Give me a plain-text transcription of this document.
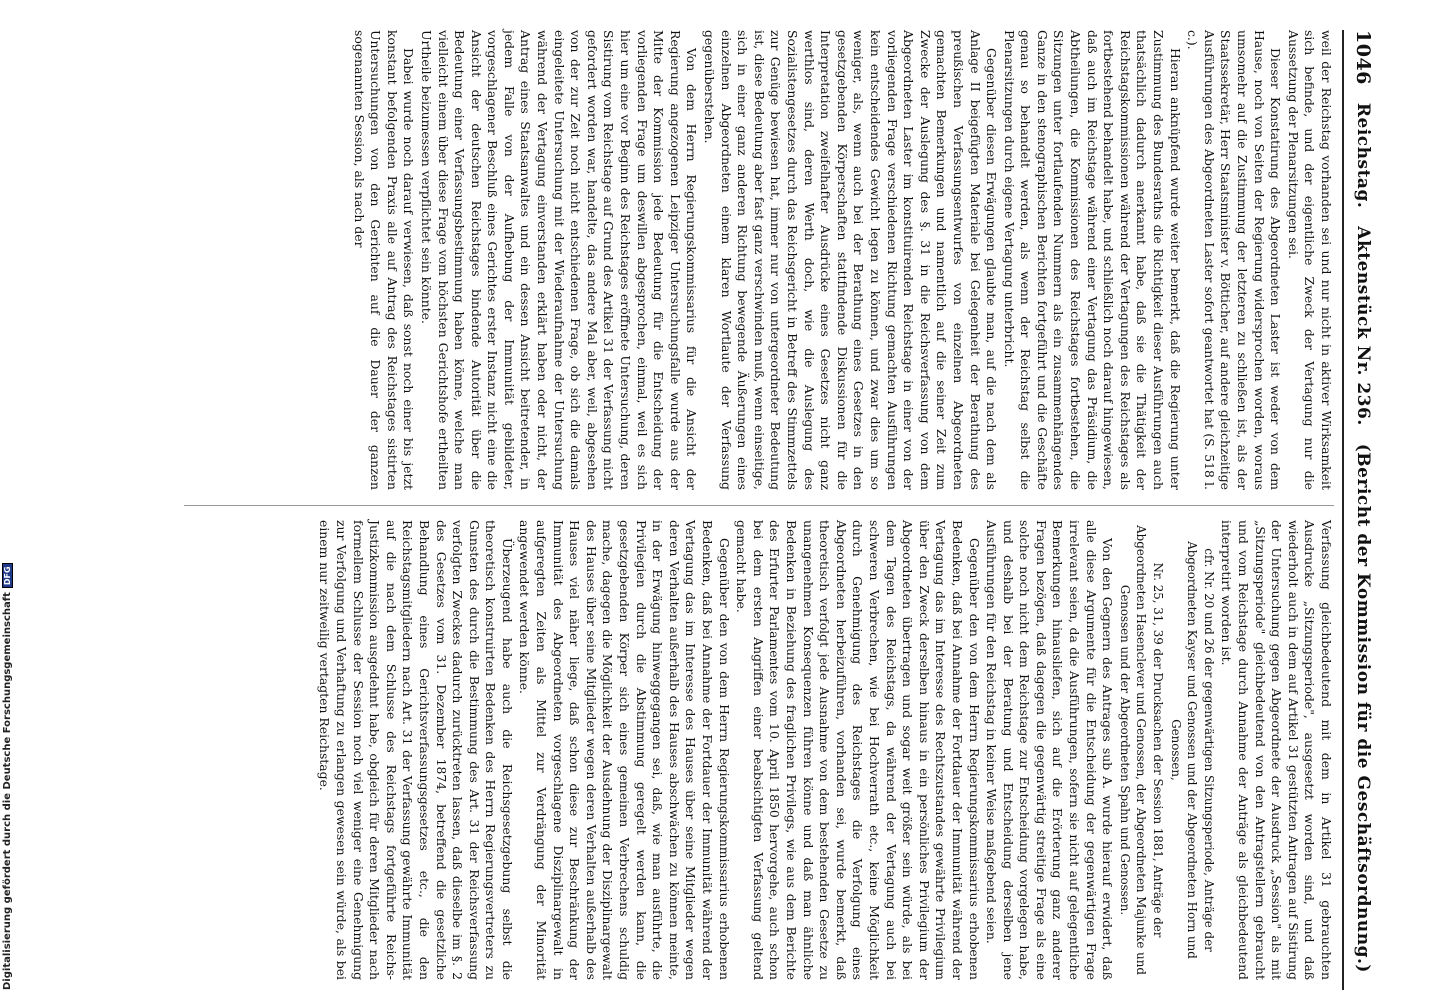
1046
Reichstag.
Aktenstück Nr. 236.
(Bericht der Kommission für die Geschäftsordnung.)

weil der Reichstag vorhanden sei und nur nicht in aktiver Wirksamkeit sich befinde, und der eigentliche Zweck der Vertagung nur die Aussetzung der Plenarsitzungen sei.

Dieser Konstatirung des Abgeordneten Laster ist weder von dem Hause, noch von Seiten der Regierung widersprochen worden, woraus umsomehr auf die Zustimmung der letzteren zu schließen ist, als der Staatssekretär, Herr Staatsminister v. Bötticher, auf andere gleichzeitige Ausführungen des Abgeordneten Laster sofort geantwortet hat (S. 518 l. c.).

Hieran anknüpfend wurde weiter bemerkt, daß die Regierung unter Zustimmung des Bundesraths die Richtigkeit dieser Ausführungen auch thatsächlich dadurch anerkannt habe, daß sie die Thätigkeit der Reichstagskommissionen während der Vertagungen des Reichstages als fortbestehend behandelt habe, und schließlich noch darauf hingewiesen, daß auch im Reichstage während einer Vertagung das Präsidium, die Abtheilungen, die Kommissionen des Reichstages fortbestehen, die Sitzungen unter fortlaufenden Nummern als ein zusammenhängendes Ganze in den stenographischen Berichten fortgeführt und die Geschäfte genau so behandelt werden, als wenn der Reichstag selbst die Plenarsitzungen durch eigene Vertagung unterbricht.

Gegenüber diesen Erwägungen glaubte man, auf die nach dem als Anlage II beigefügten Materiale bei Gelegenheit der Berathung des preußischen Verfassungsentwurfes von einzelnen Abgeordneten gemachten Bemerkungen und namentlich auf die seiner Zeit zum Zwecke der Auslegung des §. 31 in die Reichsverfassung von dem Abgeordneten Laster im konstituirenden Reichstage in einer von der vorliegenden Frage verschiedenen Richtung gemachten Ausführungen kein entscheidendes Gewicht legen zu können, und zwar dies um so weniger, als, wenn auch bei der Berathung eines Gesetzes in den gesetzgebenden Körperschaften stattfindende Diskussionen für die Interpretation zweifelhafter Ausdrücke eines Gesetzes nicht ganz werthlos sind, deren Werth doch, wie die Auslegung des Sozialistengesetzes durch das Reichsgericht in Betreff des Stimmzettels zur Genüge bewiesen hat, immer nur von untergeordneter Bedeutung ist, diese Bedeutung aber fast ganz verschwinden muß, wenn einseitige, sich in einer ganz anderen Richtung bewegende Äußerungen eines einzelnen Abgeordneten einem klaren Wortlaute der Verfassung gegenüberstehen.

Von dem Herrn Regierungskommissarius für die Ansicht der Regierung angezogenen Leipziger Untersuchungsfalle wurde aus der Mitte der Kommission jede Bedeutung für die Entscheidung der vorliegenden Frage um deswillen abgesprochen, einmal, weil es sich hier um eine vor Beginn des Reichstages eröffnete Untersuchung, deren Sistirung vom Reichstage auf Grund des Artikel 31 der Verfassung nicht gefordert worden war, handelte, das andere Mal aber, weil, abgesehen von der zur Zeit noch nicht entschiedenen Frage, ob sich die damals eingeleitete Untersuchung mit der Wiederaufnahme der Untersuchung während der Vertagung einverstanden erklärt haben oder nicht, der Antrag eines Staatsanwaltes und ein dessen Ansicht beitretender, in jedem Falle von der Aufhebung der Immunität gebildeter, vorgeschlagener Beschluß eines Gerichtes erster Instanz nicht eine die Ansicht der deutschen Reichstages bindende Autorität über die Bedeutung einer Verfassungsbestimmung haben könne, welche man vielleicht einem über diese Frage vom höchsten Gerichtshofe ertheilten Urtheile beizumessen verpflichtet sein könnte.

Dabei wurde noch darauf verwiesen, daß sonst noch einer bis jetzt konstant befolgenden Praxis alle auf Antrag des Reichstages sistirten Untersuchungen von den Gerichten auf die Dauer der ganzen sogenannten Session, als nach der

Verfassung gleichbedeutend mit dem in Artikel 31 gebrauchten Ausdrucke „Sitzungsperiode", ausgesetzt worden sind, und daß wiederholt auch in dem auf Artikel 31 gestützten Antragen auf Sistirung der Untersuchung gegen Abgeordnete der Ausdruck „Session" als mit „Sitzungsperiode" gleichbedeutend von den Antragstellern gebraucht und vom Reichstage durch Annahme der Anträge als gleichbedeutend interpretirt worden ist.

cfr. Nr. 20 und 26 der gegenwärtigen Sitzungsperiode, Anträge der Abgeordneten Kayser und Genossen und der Abgeordneten Horn und Genossen,

Nr. 25, 31, 39 der Drucksachen der Session 1881, Anträge der Abgeordneten Hasenclever und Genossen, der Abgeordneten Majunke und Genossen und der Abgeordneten Spahn und Genossen.

Von den Gegnern des Antrages sub A. wurde hierauf erwidert, daß alle diese Argumente für die Entscheidung der gegenwärtigen Frage irrelevant seien, da die Ausführungen, sofern sie nicht auf gelegentliche Bemerkungen hinausliefen, sich auf die Erörterung ganz anderer Fragen bezögen, daß dagegen die gegenwärtig streitige Frage als eine solche noch nicht dem Reichstage zur Entscheidung vorgelegen habe, und deshalb bei der Beratung und Entscheidung derselben jene Ausführungen für den Reichstag in keiner Weise maßgebend seien.

Gegenüber den von dem Herrn Regierungskommissarius erhobenen Bedenken, daß bei Annahme der Fortdauer der Immunität während der Vertagung das im Interesse des Rechtszustandes gewährte Privilegium über den Zweck derselben hinaus in ein persönliches Privilegium der Abgeordneten übertragen und sogar weit größer sein würde, als bei dem Tagen des Reichstags, da während der Vertagung auch bei schweren Verbrechen, wie bei Hochverrath etc., keine Möglichkeit durch Genehmigung des Reichstages die Verfolgung eines Abgeordneten herbeizuführen, vorhanden sei, wurde bemerkt, daß theoretisch verfolgt jede Ausnahme von dem bestehenden Gesetze zu unangenehmen Konsequenzen führen könne und daß man ähnliche Bedenken in Beziehung des fraglichen Privilegs, wie aus dem Berichte des Erfurter Parlamentes vom 10. April 1850 hervorgehe, auch schon bei dem ersten Angriffen einer beabsichtigten Verfassung geltend gemacht habe.

Gegenüber den von dem Herrn Regierungskommissarius erhobenen Bedenken, daß bei Annahme der Fortdauer der Immunität während der Vertagung das im Interesse des Hauses über seine Mitglieder wegen deren Verhalten außerhalb des Hauses abschwächen zu können meinte, in der Erwägung hinweggegangen sei, daß, wie man ausführte, die Privilegien durch die Abstimmung geregelt werden kann, die gesetzgebenden Körper sich eines gemeinen Verbrechens schuldig mache, dagegen die Möglichkeit der Ausdehnung der Disziplinargewalt des Hauses über seine Mitglieder wegen deren Verhalten außerhalb des Hauses viel näher liege, daß schon diese zur Beschränkung der Immunität des Abgeordneten vorgeschlagene Disziplinargewalt in aufgeregten Zeiten als Mittel zur Verdrängung der Minorität angewendet werden könne.

Überzeugend habe auch die Reichsgesetzgebung selbst die theoretisch konstruirten Bedenken des Herrn Regierungsvertreters zu Gunsten des durch die Bestimmung des Art. 31 der Reichsverfassung verfolgten Zweckes dadurch zurücktreten lassen, daß dieselbe im §. 2 des Gesetzes vom 31. Dezember 1874, betreffend die gesetzliche Behandlung eines Gerichtsverfassungsgesetzes etc., die den Reichstagsmitgliedern nach Art. 31 der Verfassung gewährte Immunität auf die nach dem Schlusse des Reichstags fortgeführte Reichs-Justizkommission ausgedehnt habe, obgleich für deren Mitglieder nach formellem Schlusse der Session noch viel weniger eine Genehmigung zur Verfolgung und Verhaftung zu erlangen gewesen sein würde, als bei einem nur zeitweilig vertagten Reichstage.

Digitalisierung gefördert durch die Deutsche Forschungsgemeinschaft
DFG
